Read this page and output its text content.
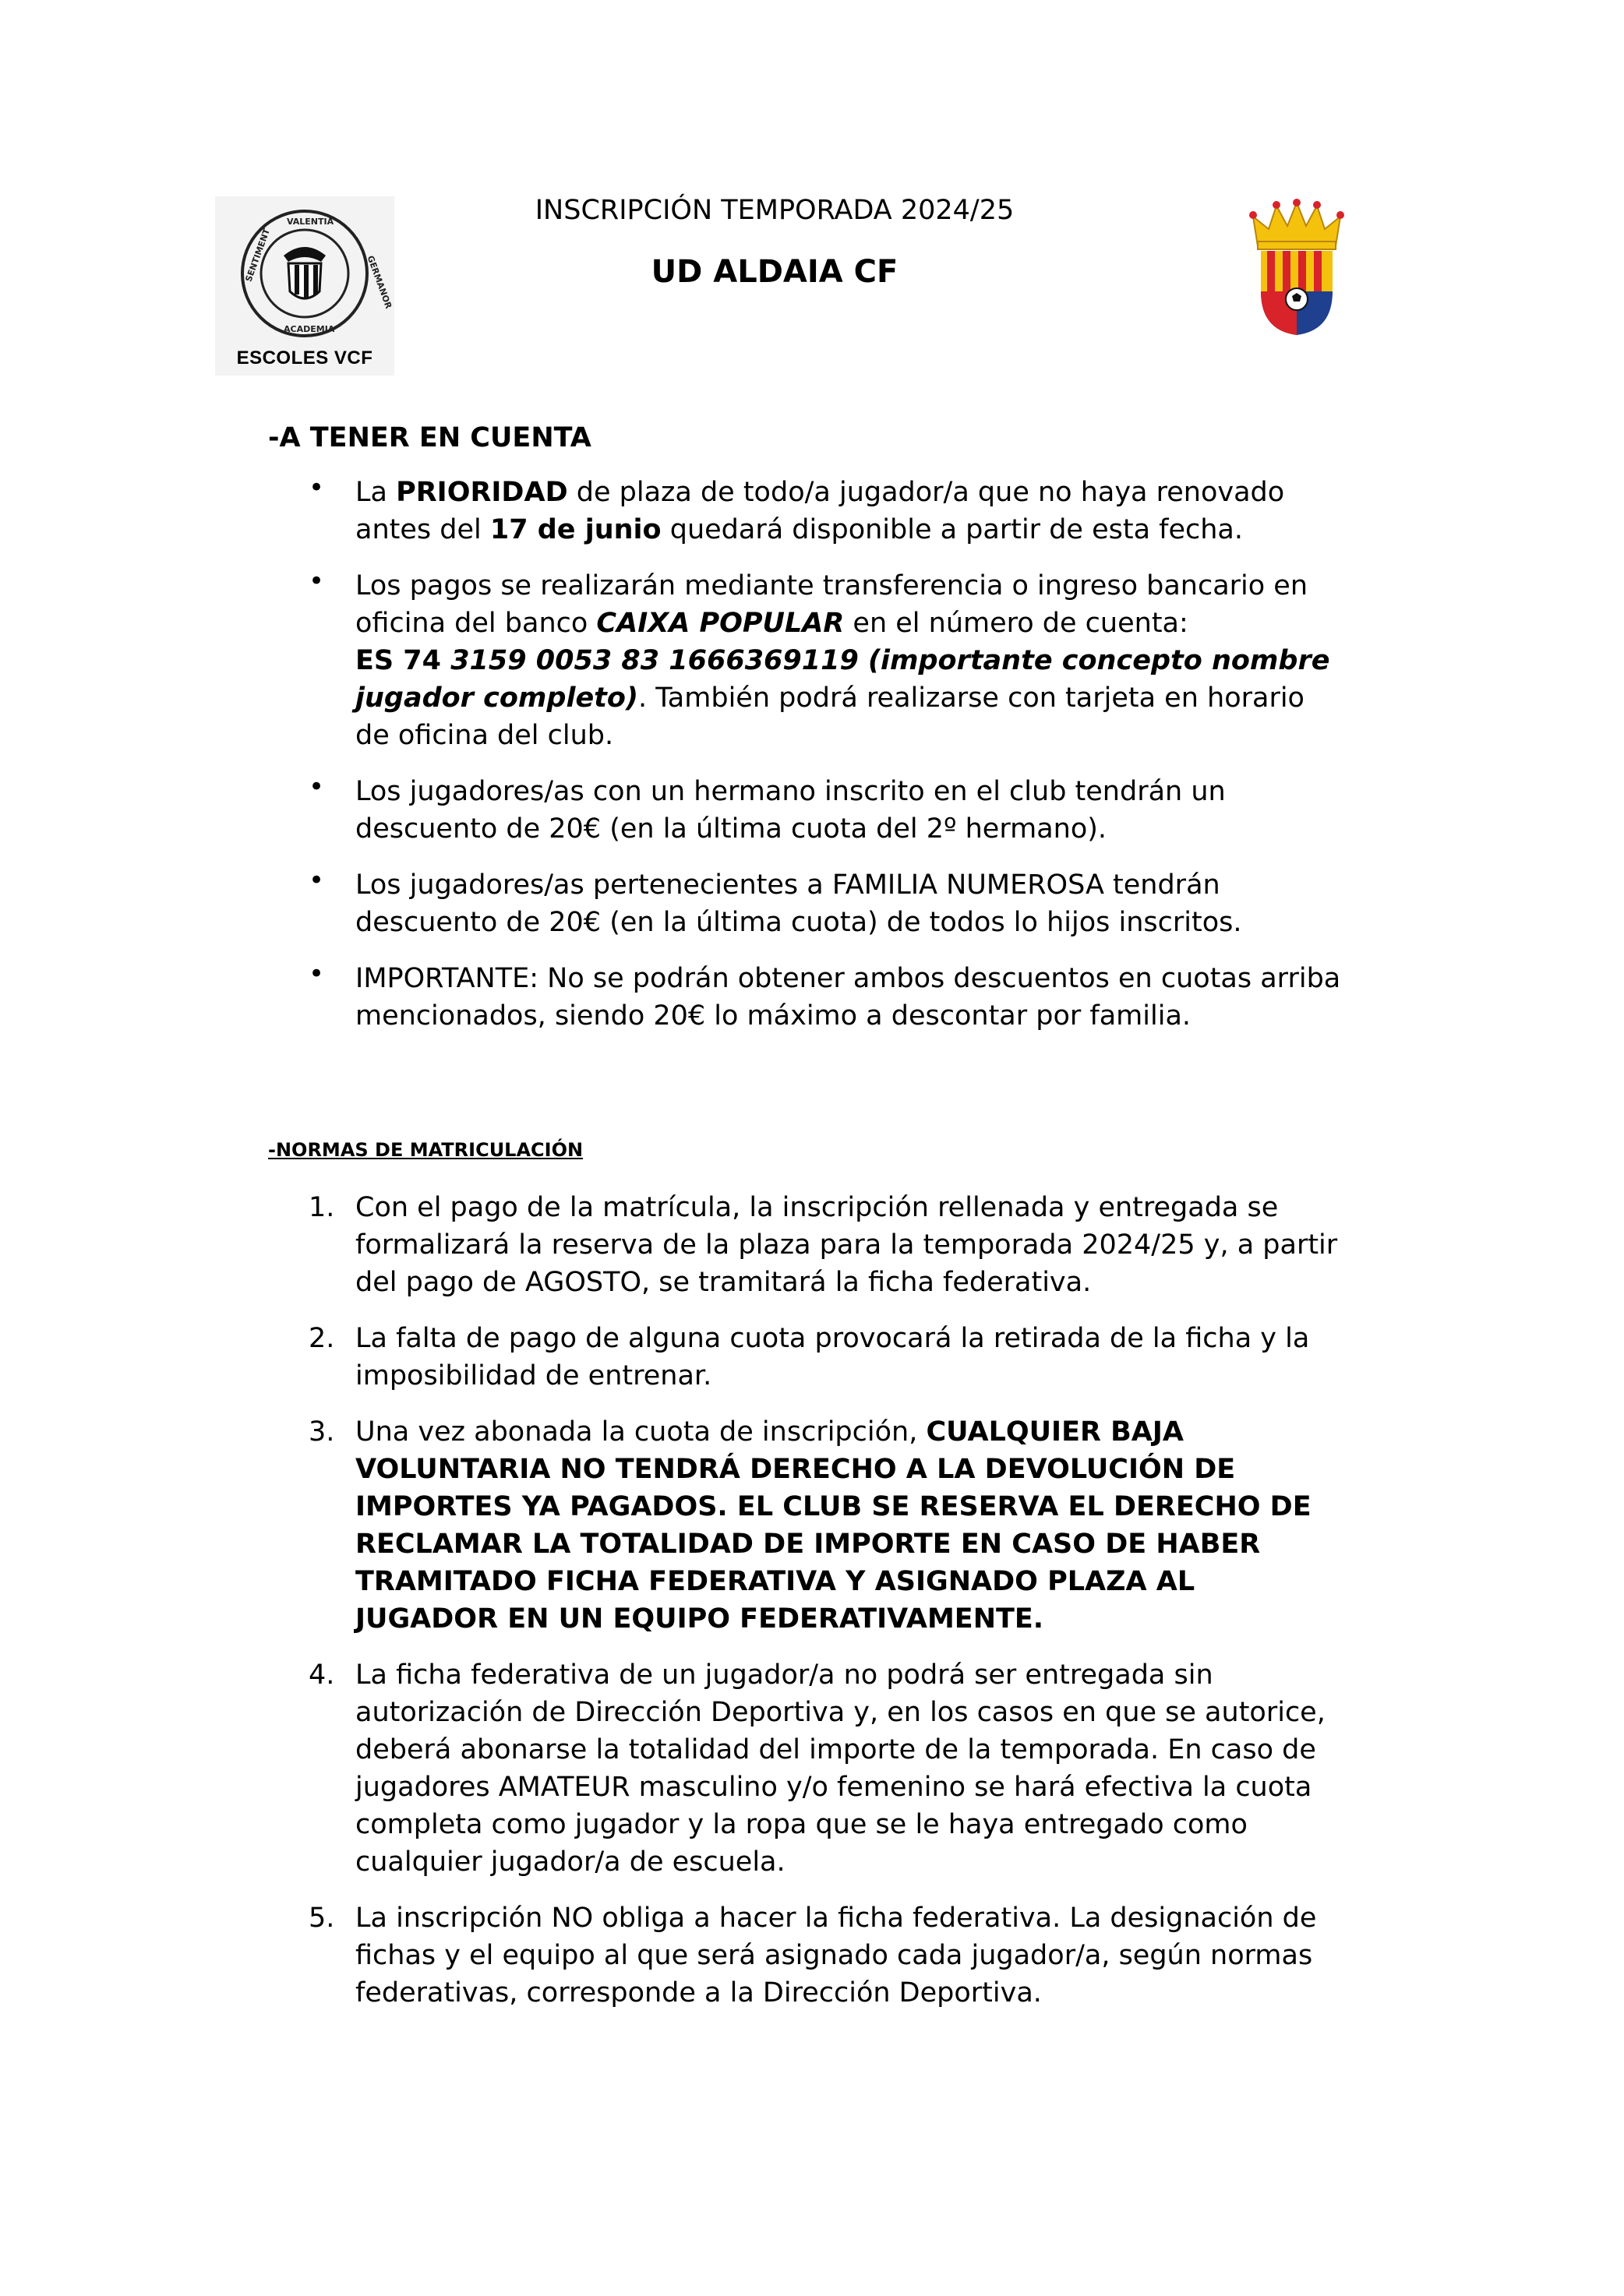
VALENTIA
ACADEMIA
SENTIMENT	GERMANOR
ESCOLES VCF
INSCRIPCIÓN TEMPORADA 2024/25
UD ALDAIA CF
-A TENER EN CUENTA
• La PRIORIDAD de plaza de todo/a jugador/a que no haya renovado antes del 17 de junio quedará disponible a partir de esta fecha.
• Los pagos se realizarán mediante transferencia o ingreso bancario en oficina del banco CAIXA POPULAR en el número de cuenta:
ES 74 3159 0053 83 1666369119 (importante concepto nombre jugador completo). También podrá realizarse con tarjeta en horario de oficina del club.
• Los jugadores/as con un hermano inscrito en el club tendrán un descuento de 20€ (en la última cuota del 2º hermano).
• Los jugadores/as pertenecientes a FAMILIA NUMEROSA tendrán descuento de 20€ (en la última cuota) de todos lo hijos inscritos.
• IMPORTANTE: No se podrán obtener ambos descuentos en cuotas arriba mencionados, siendo 20€ lo máximo a descontar por familia.
-NORMAS DE MATRICULACIÓN
1. Con el pago de la matrícula, la inscripción rellenada y entregada se formalizará la reserva de la plaza para la temporada 2024/25 y, a partir del pago de AGOSTO, se tramitará la ficha federativa.
2. La falta de pago de alguna cuota provocará la retirada de la ficha y la imposibilidad de entrenar.
3. Una vez abonada la cuota de inscripción, CUALQUIER BAJA VOLUNTARIA NO TENDRÁ DERECHO A LA DEVOLUCIÓN DE IMPORTES YA PAGADOS. EL CLUB SE RESERVA EL DERECHO DE RECLAMAR LA TOTALIDAD DE IMPORTE EN CASO DE HABER TRAMITADO FICHA FEDERATIVA Y ASIGNADO PLAZA AL JUGADOR EN UN EQUIPO FEDERATIVAMENTE.
4. La ficha federativa de un jugador/a no podrá ser entregada sin autorización de Dirección Deportiva y, en los casos en que se autorice, deberá abonarse la totalidad del importe de la temporada. En caso de jugadores AMATEUR masculino y/o femenino se hará efectiva la cuota completa como jugador y la ropa que se le haya entregado como cualquier jugador/a de escuela.
5. La inscripción NO obliga a hacer la ficha federativa. La designación de fichas y el equipo al que será asignado cada jugador/a, según normas federativas, corresponde a la Dirección Deportiva.
